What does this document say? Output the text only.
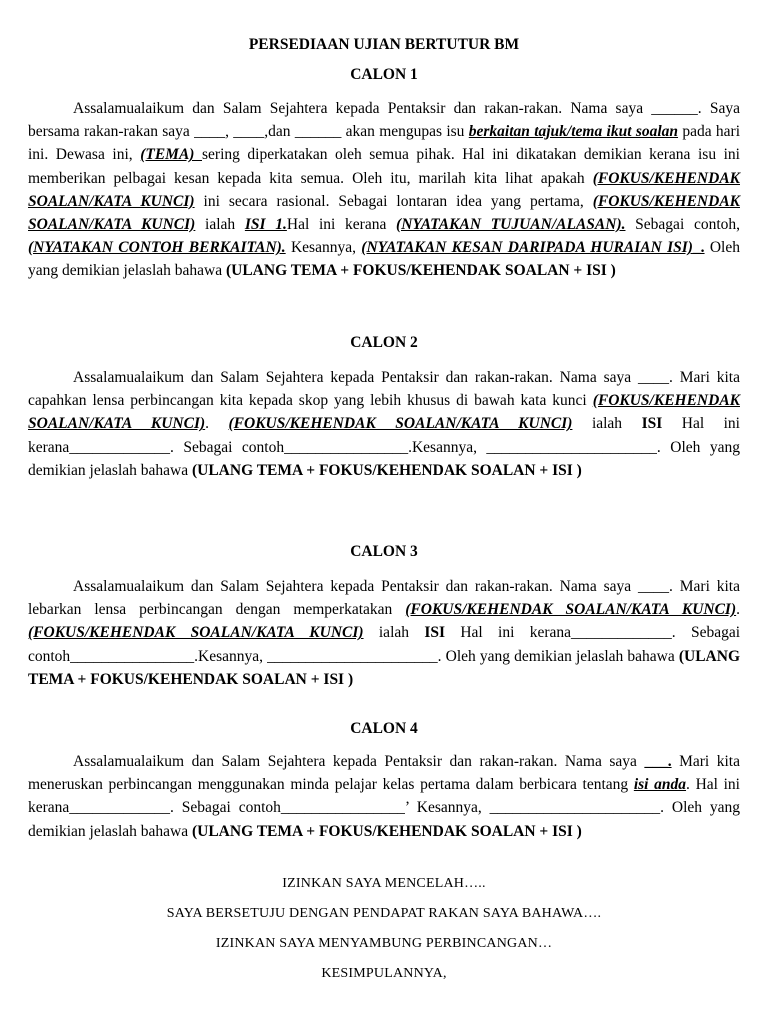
PERSEDIAAN UJIAN BERTUTUR BM
CALON 1

Assalamualaikum dan Salam Sejahtera kepada Pentaksir dan rakan-rakan. Nama saya ______. Saya bersama rakan-rakan saya ____, ____,dan ______ akan mengupas isu berkaitan tajuk/tema ikut soalan pada hari ini. Dewasa ini, (TEMA) sering diperkatakan oleh semua pihak. Hal ini dikatakan demikian kerana isu ini memberikan pelbagai kesan kepada kita semua. Oleh itu, marilah kita lihat apakah (FOKUS/KEHENDAK SOALAN/KATA KUNCI) ini secara rasional. Sebagai lontaran idea yang pertama, (FOKUS/KEHENDAK SOALAN/KATA KUNCI) ialah ISI 1.Hal ini kerana (NYATAKAN TUJUAN/ALASAN). Sebagai contoh,(NYATAKAN CONTOH BERKAITAN). Kesannya, (NYATAKAN KESAN DARIPADA HURAIAN ISI)_. Oleh yang demikian jelaslah bahawa (ULANG TEMA + FOKUS/KEHENDAK SOALAN + ISI )

CALON 2

Assalamualaikum dan Salam Sejahtera kepada Pentaksir dan rakan-rakan. Nama saya ____. Mari kita capahkan lensa perbincangan kita kepada skop yang lebih khusus di bawah kata kunci (FOKUS/KEHENDAK SOALAN/KATA KUNCI). (FOKUS/KEHENDAK SOALAN/KATA KUNCI) ialah ISI Hal ini kerana_____________. Sebagai contoh________________.Kesannya, ______________________. Oleh yang demikian jelaslah bahawa (ULANG TEMA + FOKUS/KEHENDAK SOALAN + ISI )

CALON 3

Assalamualaikum dan Salam Sejahtera kepada Pentaksir dan rakan-rakan. Nama saya ____. Mari kita lebarkan lensa perbincangan dengan memperkatakan (FOKUS/KEHENDAK SOALAN/KATA KUNCI). (FOKUS/KEHENDAK SOALAN/KATA KUNCI) ialah ISI Hal ini kerana_____________. Sebagai contoh________________.Kesannya, ______________________. Oleh yang demikian jelaslah bahawa (ULANG TEMA + FOKUS/KEHENDAK SOALAN + ISI )

CALON 4

Assalamualaikum dan Salam Sejahtera kepada Pentaksir dan rakan-rakan. Nama saya ___. Mari kita meneruskan perbincangan menggunakan minda pelajar kelas pertama dalam berbicara tentang isi anda. Hal ini kerana_____________. Sebagai contoh________________’ Kesannya, ______________________. Oleh yang demikian jelaslah bahawa (ULANG TEMA + FOKUS/KEHENDAK SOALAN + ISI )

IZINKAN SAYA MENCELAH…..
SAYA BERSETUJU DENGAN PENDAPAT RAKAN SAYA BAHAWA….
IZINKAN SAYA MENYAMBUNG PERBINCANGAN…
KESIMPULANNYA,
